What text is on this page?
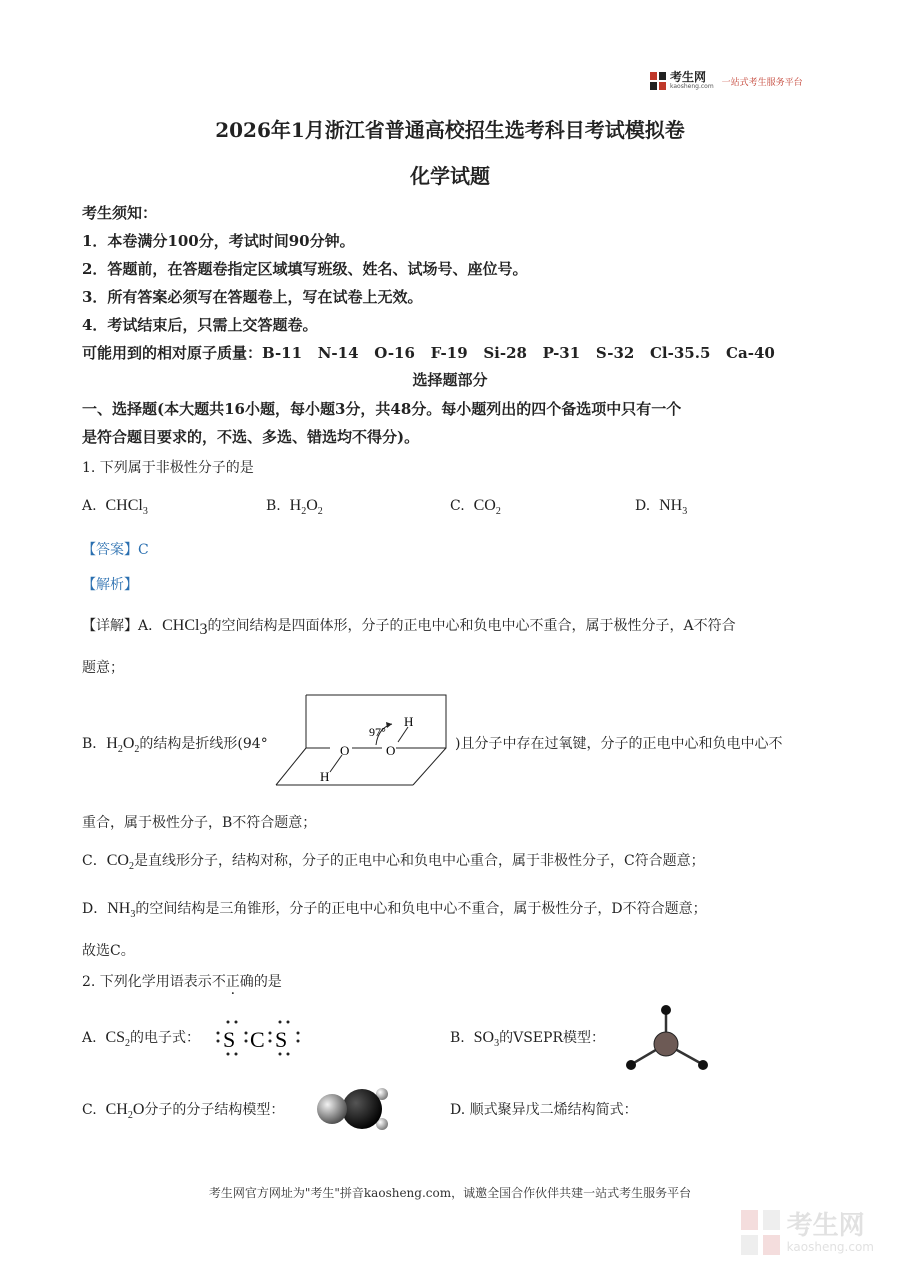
考生网
kaosheng.com 一站式考生服务平台
2026年1月浙江省普通高校招生选考科目考试模拟卷
化学试题
考生须知：
1．本卷满分100分，考试时间90分钟。
2．答题前，在答题卷指定区域填写班级、姓名、试场号、座位号。
3．所有答案必须写在答题卷上，写在试卷上无效。
4．考试结束后，只需上交答题卷。
可能用到的相对原子质量：B-11   N-14   O-16   F-19   Si-28   P-31   S-32   Cl-35.5   Ca-40
选择题部分
一、选择题(本大题共16小题，每小题3分，共48分。每小题列出的四个备选项中只有一个
是符合题目要求的，不选、多选、错选均不得分)。
1. 下列属于非极性分子的是
A. CHCl$_3$	B. $H_2O_2$	C. $CO_2$	D. $NH_3$
【答案】C
【解析】
【详解】A．CHCl$_3$的空间结构是四面体形，分子的正电中心和负电中心不重合，属于极性分子，A不符合
题意；
B．$H_2O_2$的结构是折线形(94°	O	O
H
H
97°
)且分子中存在过氧键，分子的正电中心和负电中心不
重合，属于极性分子，B不符合题意；
C．$CO_2$是直线形分子，结构对称，分子的正电中心和负电中心重合，属于非极性分子，C符合题意；
D．$NH_3$的空间结构是三角锥形，分子的正电中心和负电中心不重合，属于极性分子，D不符合题意；
故选C。
2. 下列化学用语表示不正确的是
A. $CS_2$的电子式： S C S	B. $SO_3$的VSEPR模型：
C. $CH_2O$分子的分子结构模型：	D. 顺式聚异戊二烯结构简式：
考生网官方网址为"考生"拼音kaosheng.com，诚邀全国合作伙伴共建一站式考生服务平台
考生网
kaosheng.com
